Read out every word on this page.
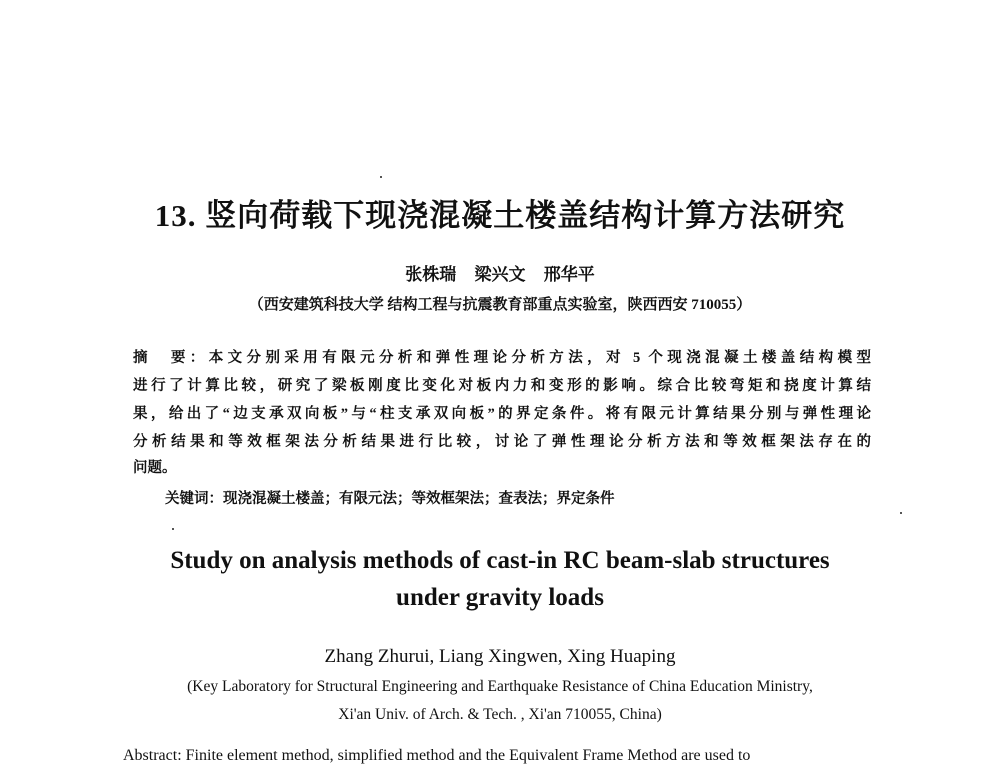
13. 竖向荷载下现浇混凝土楼盖结构计算方法研究
张株瑞 梁兴文 邢华平
（西安建筑科技大学 结构工程与抗震教育部重点实验室，陕西西安 710055）
摘　要：本文分别采用有限元分析和弹性理论分析方法，对 5 个现浇混凝土楼盖结构模型
进行了计算比较，研究了梁板刚度比变化对板内力和变形的影响。综合比较弯矩和挠度计算结
果，给出了“边支承双向板”与“柱支承双向板”的界定条件。将有限元计算结果分别与弹性理论
分析结果和等效框架法分析结果进行比较，讨论了弹性理论分析方法和等效框架法存在的
问题。
关键词：现浇混凝土楼盖；有限元法；等效框架法；查表法；界定条件
Study on analysis methods of cast-in RC beam-slab structures
under gravity loads
Zhang Zhurui, Liang Xingwen, Xing Huaping
(Key Laboratory for Structural Engineering and Earthquake Resistance of China Education Ministry,
Xi'an Univ. of Arch. & Tech. , Xi'an 710055, China)
Abstract: Finite element method, simplified method and the Equivalent Frame Method are used to
